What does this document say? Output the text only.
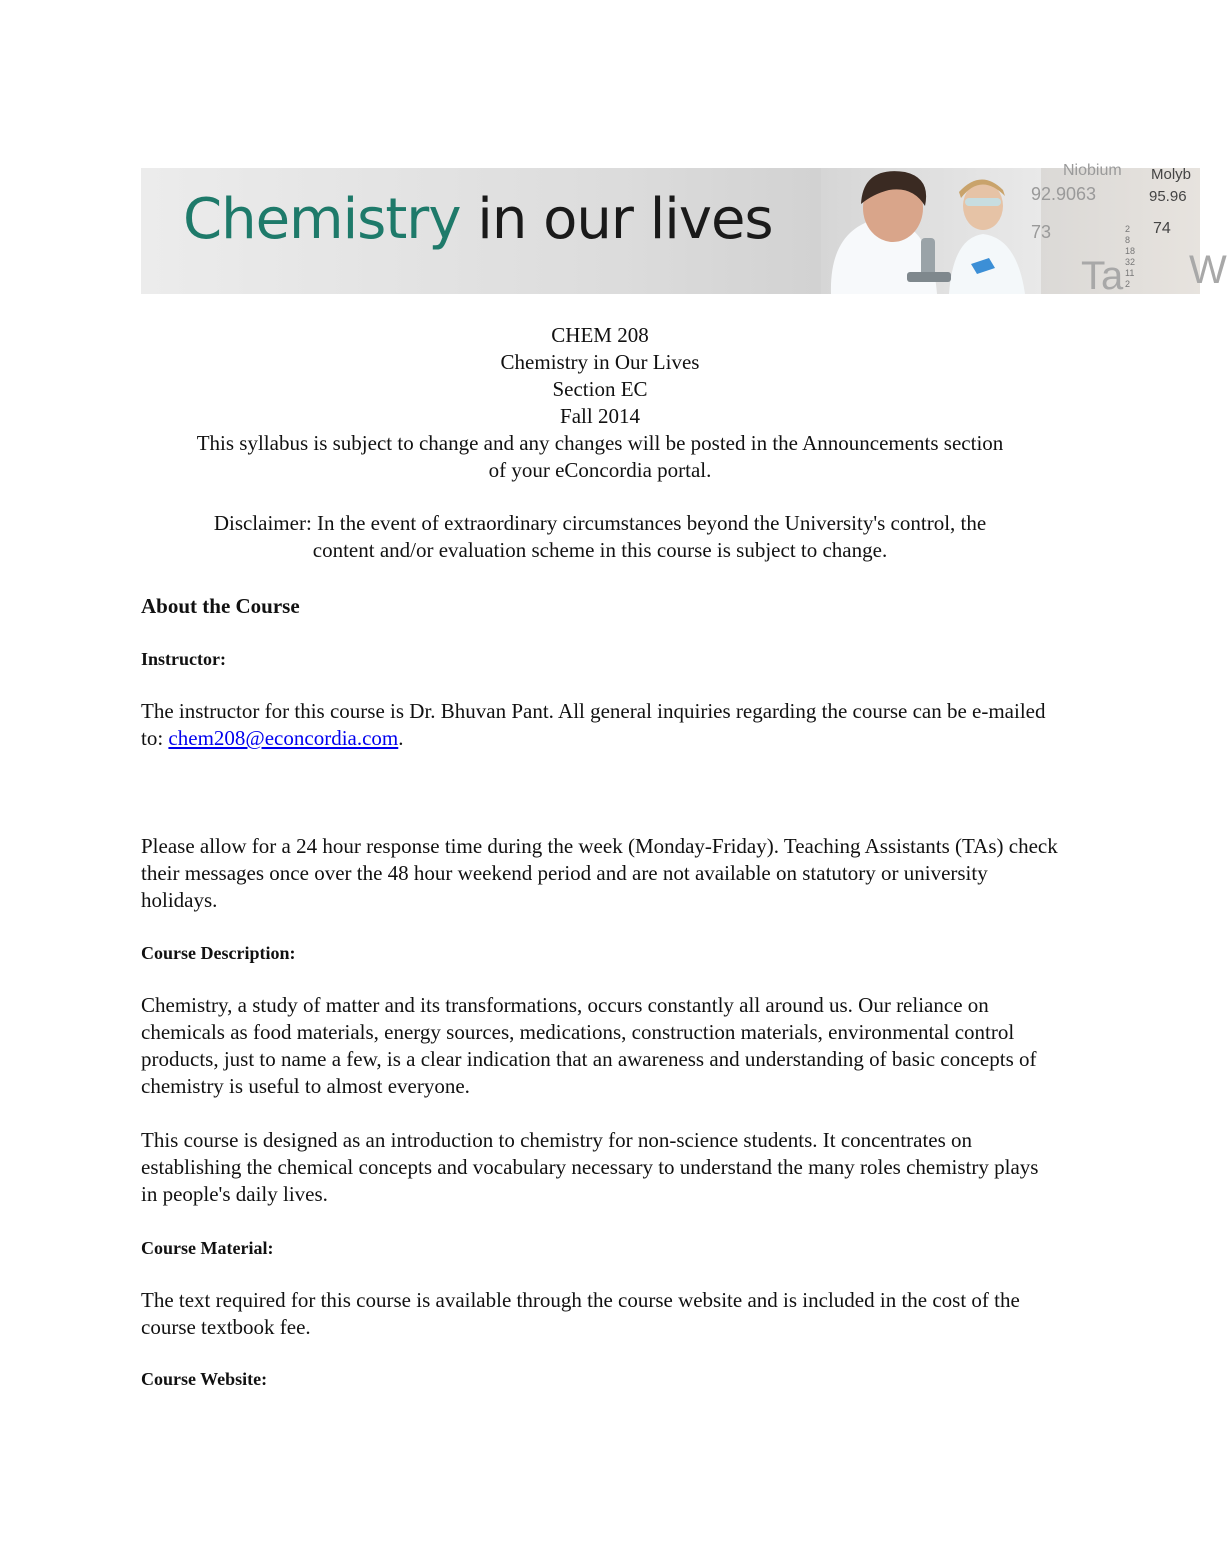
Chemistry in our lives
Niobium
92.9063
73
Ta
Molyb
95.96
74
W
2
8
18
32
11
2
CHEM 208
Chemistry in Our Lives
Section EC
Fall 2014
This syllabus is subject to change and any changes will be posted in the Announcements section
of your eConcordia portal.
Disclaimer: In the event of extraordinary circumstances beyond the University's control, the
content and/or evaluation scheme in this course is subject to change.
About the Course
Instructor:
The instructor for this course is Dr. Bhuvan Pant. All general inquiries regarding the course can be e-mailed to: chem208@econcordia.com.
Please allow for a 24 hour response time during the week (Monday-Friday). Teaching Assistants (TAs) check their messages once over the 48 hour weekend period and are not available on statutory or university holidays.
Course Description:
Chemistry, a study of matter and its transformations, occurs constantly all around us. Our reliance on chemicals as food materials, energy sources, medications, construction materials, environmental control products, just to name a few, is a clear indication that an awareness and understanding of basic concepts of chemistry is useful to almost everyone.
This course is designed as an introduction to chemistry for non-science students. It concentrates on establishing the chemical concepts and vocabulary necessary to understand the many roles chemistry plays in people's daily lives.
Course Material:
The text required for this course is available through the course website and is included in the cost of the course textbook fee.
Course Website:
